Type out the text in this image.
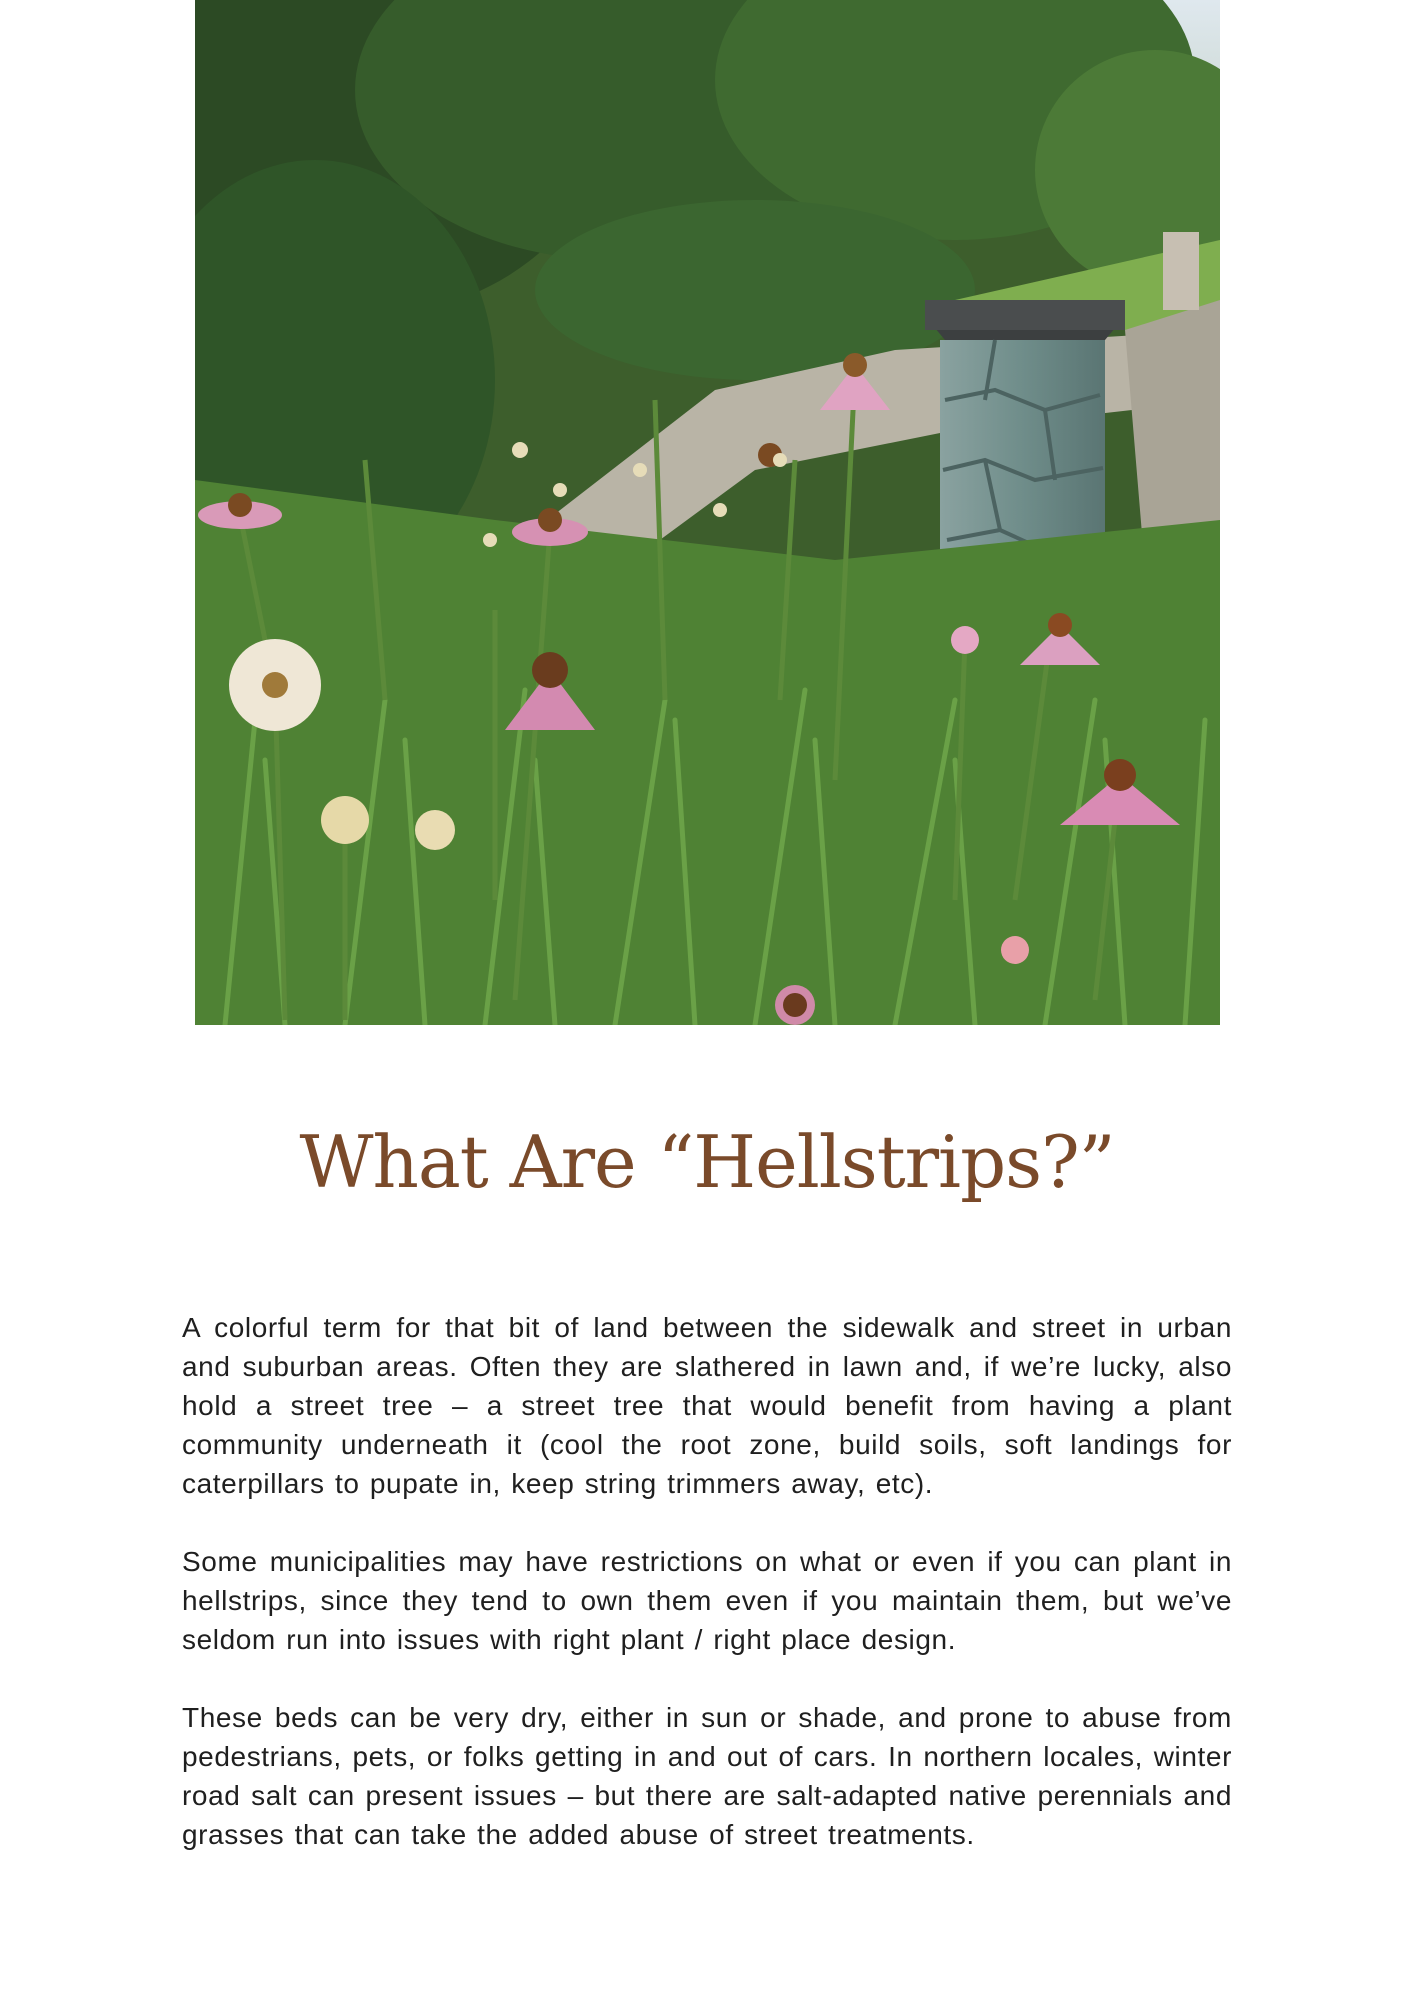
What Are “Hellstrips?”

A colorful term for that bit of land between the sidewalk and street in urban and suburban areas. Often they are slathered in lawn and, if we’re lucky, also hold a street tree – a street tree that would benefit from having a plant community underneath it (cool the root zone, build soils, soft landings for caterpillars to pupate in, keep string trimmers away, etc).

Some municipalities may have restrictions on what or even if you can plant in hellstrips, since they tend to own them even if you maintain them, but we’ve seldom run into issues with right plant / right place design.

These beds can be very dry, either in sun or shade, and prone to abuse from pedestrians, pets, or folks getting in and out of cars. In northern locales, winter road salt can present issues – but there are salt-adapted native perennials and grasses that can take the added abuse of street treatments.
